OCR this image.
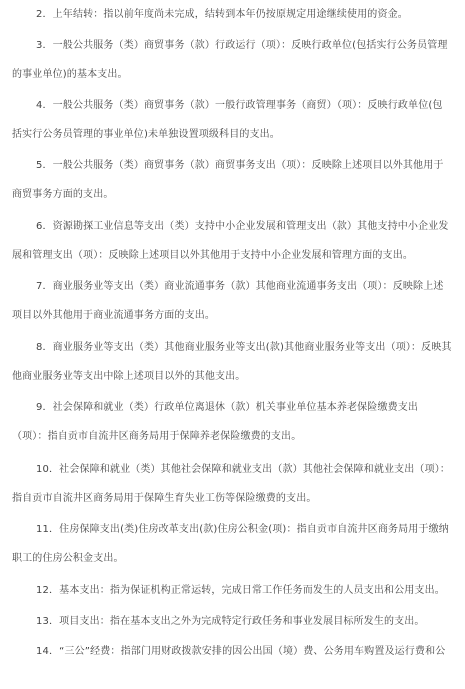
2．上年结转：指以前年度尚未完成，结转到本年仍按原规定用途继续使用的资金。
3．一般公共服务（类）商贸事务（款）行政运行（项）：反映行政单位(包括实行公务员管理的事业单位)的基本支出。
4．一般公共服务（类）商贸事务（款）一般行政管理事务（商贸）（项）：反映行政单位(包括实行公务员管理的事业单位)未单独设置项级科目的支出。
5．一般公共服务（类）商贸事务（款）商贸事务支出（项）：反映除上述项目以外其他用于商贸事务方面的支出。
6．资源勘探工业信息等支出（类）支持中小企业发展和管理支出（款）其他支持中小企业发展和管理支出（项）：反映除上述项目以外其他用于支持中小企业发展和管理方面的支出。
7．商业服务业等支出（类）商业流通事务（款）其他商业流通事务支出（项）：反映除上述项目以外其他用于商业流通事务方面的支出。
8．商业服务业等支出（类）其他商业服务业等支出(款)其他商业服务业等支出（项）：反映其他商业服务业等支出中除上述项目以外的其他支出。
9．社会保障和就业（类）行政单位离退休（款）机关事业单位基本养老保险缴费支出（项）：指自贡市自流井区商务局用于保障养老保险缴费的支出。
10．社会保障和就业（类）其他社会保障和就业支出（款）其他社会保障和就业支出（项）：指自贡市自流井区商务局用于保障生育失业工伤等保险缴费的支出。
11．住房保障支出(类)住房改革支出(款)住房公积金(项)：指自贡市自流井区商务局用于缴纳职工的住房公积金支出。
12．基本支出：指为保证机构正常运转，完成日常工作任务而发生的人员支出和公用支出。
13．项目支出：指在基本支出之外为完成特定行政任务和事业发展目标所发生的支出。
14．“三公”经费：指部门用财政拨款安排的因公出国（境）费、公务用车购置及运行费和公
